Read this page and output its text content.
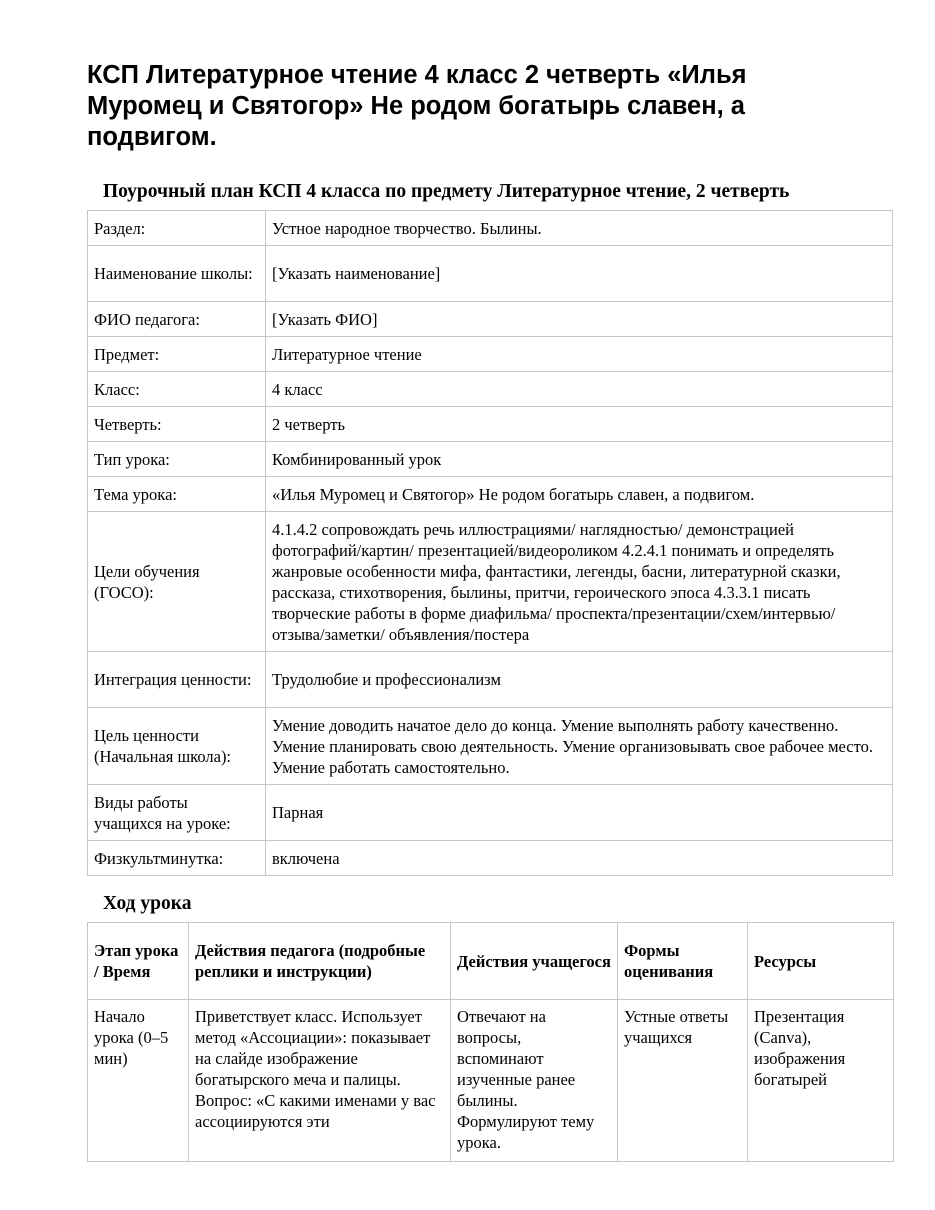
КСП Литературное чтение 4 класс 2 четверть «Илья Муромец и Святогор» Не родом богатырь славен, а подвигом.
Поурочный план КСП 4 класса по предмету Литературное чтение, 2 четверть
Раздел:	Устное народное творчество. Былины.
Наименование школы:	[Указать наименование]
ФИО педагога:	[Указать ФИО]
Предмет:	Литературное чтение
Класс:	4 класс
Четверть:	2 четверть
Тип урока:	Комбинированный урок
Тема урока:	«Илья Муромец и Святогор» Не родом богатырь славен, а подвигом.
Цели обучения (ГОСО):	4.1.4.2 сопровождать речь иллюстрациями/ наглядностью/ демонстрацией фотографий/картин/ презентацией/видеороликом 4.2.4.1 понимать и определять жанровые особенности мифа, фантастики, легенды, басни, литературной сказки, рассказа, стихотворения, былины, притчи, героического эпоса 4.3.3.1 писать творческие работы в форме диафильма/ проспекта/презентации/схем/интервью/отзыва/заметки/ объявления/постера
Интеграция ценности:	Трудолюбие и профессионализм
Цель ценности (Начальная школа):	Умение доводить начатое дело до конца. Умение выполнять работу качественно. Умение планировать свою деятельность. Умение организовывать свое рабочее место. Умение работать самостоятельно.
Виды работы учащихся на уроке:	Парная
Физкультминутка:	включена
Ход урока
Этап урока / Время	Действия педагога (подробные реплики и инструкции)	Действия учащегося	Формы оценивания	Ресурсы

Начало урока (0–5 мин)	Приветствует класс. Использует метод «Ассоциации»: показывает на слайде изображение богатырского меча и палицы. Вопрос: «С какими именами у вас ассоциируются эти	Отвечают на вопросы, вспоминают изученные ранее былины. Формулируют тему урока.	Устные ответы учащихся	Презентация (Canva), изображения богатырей
